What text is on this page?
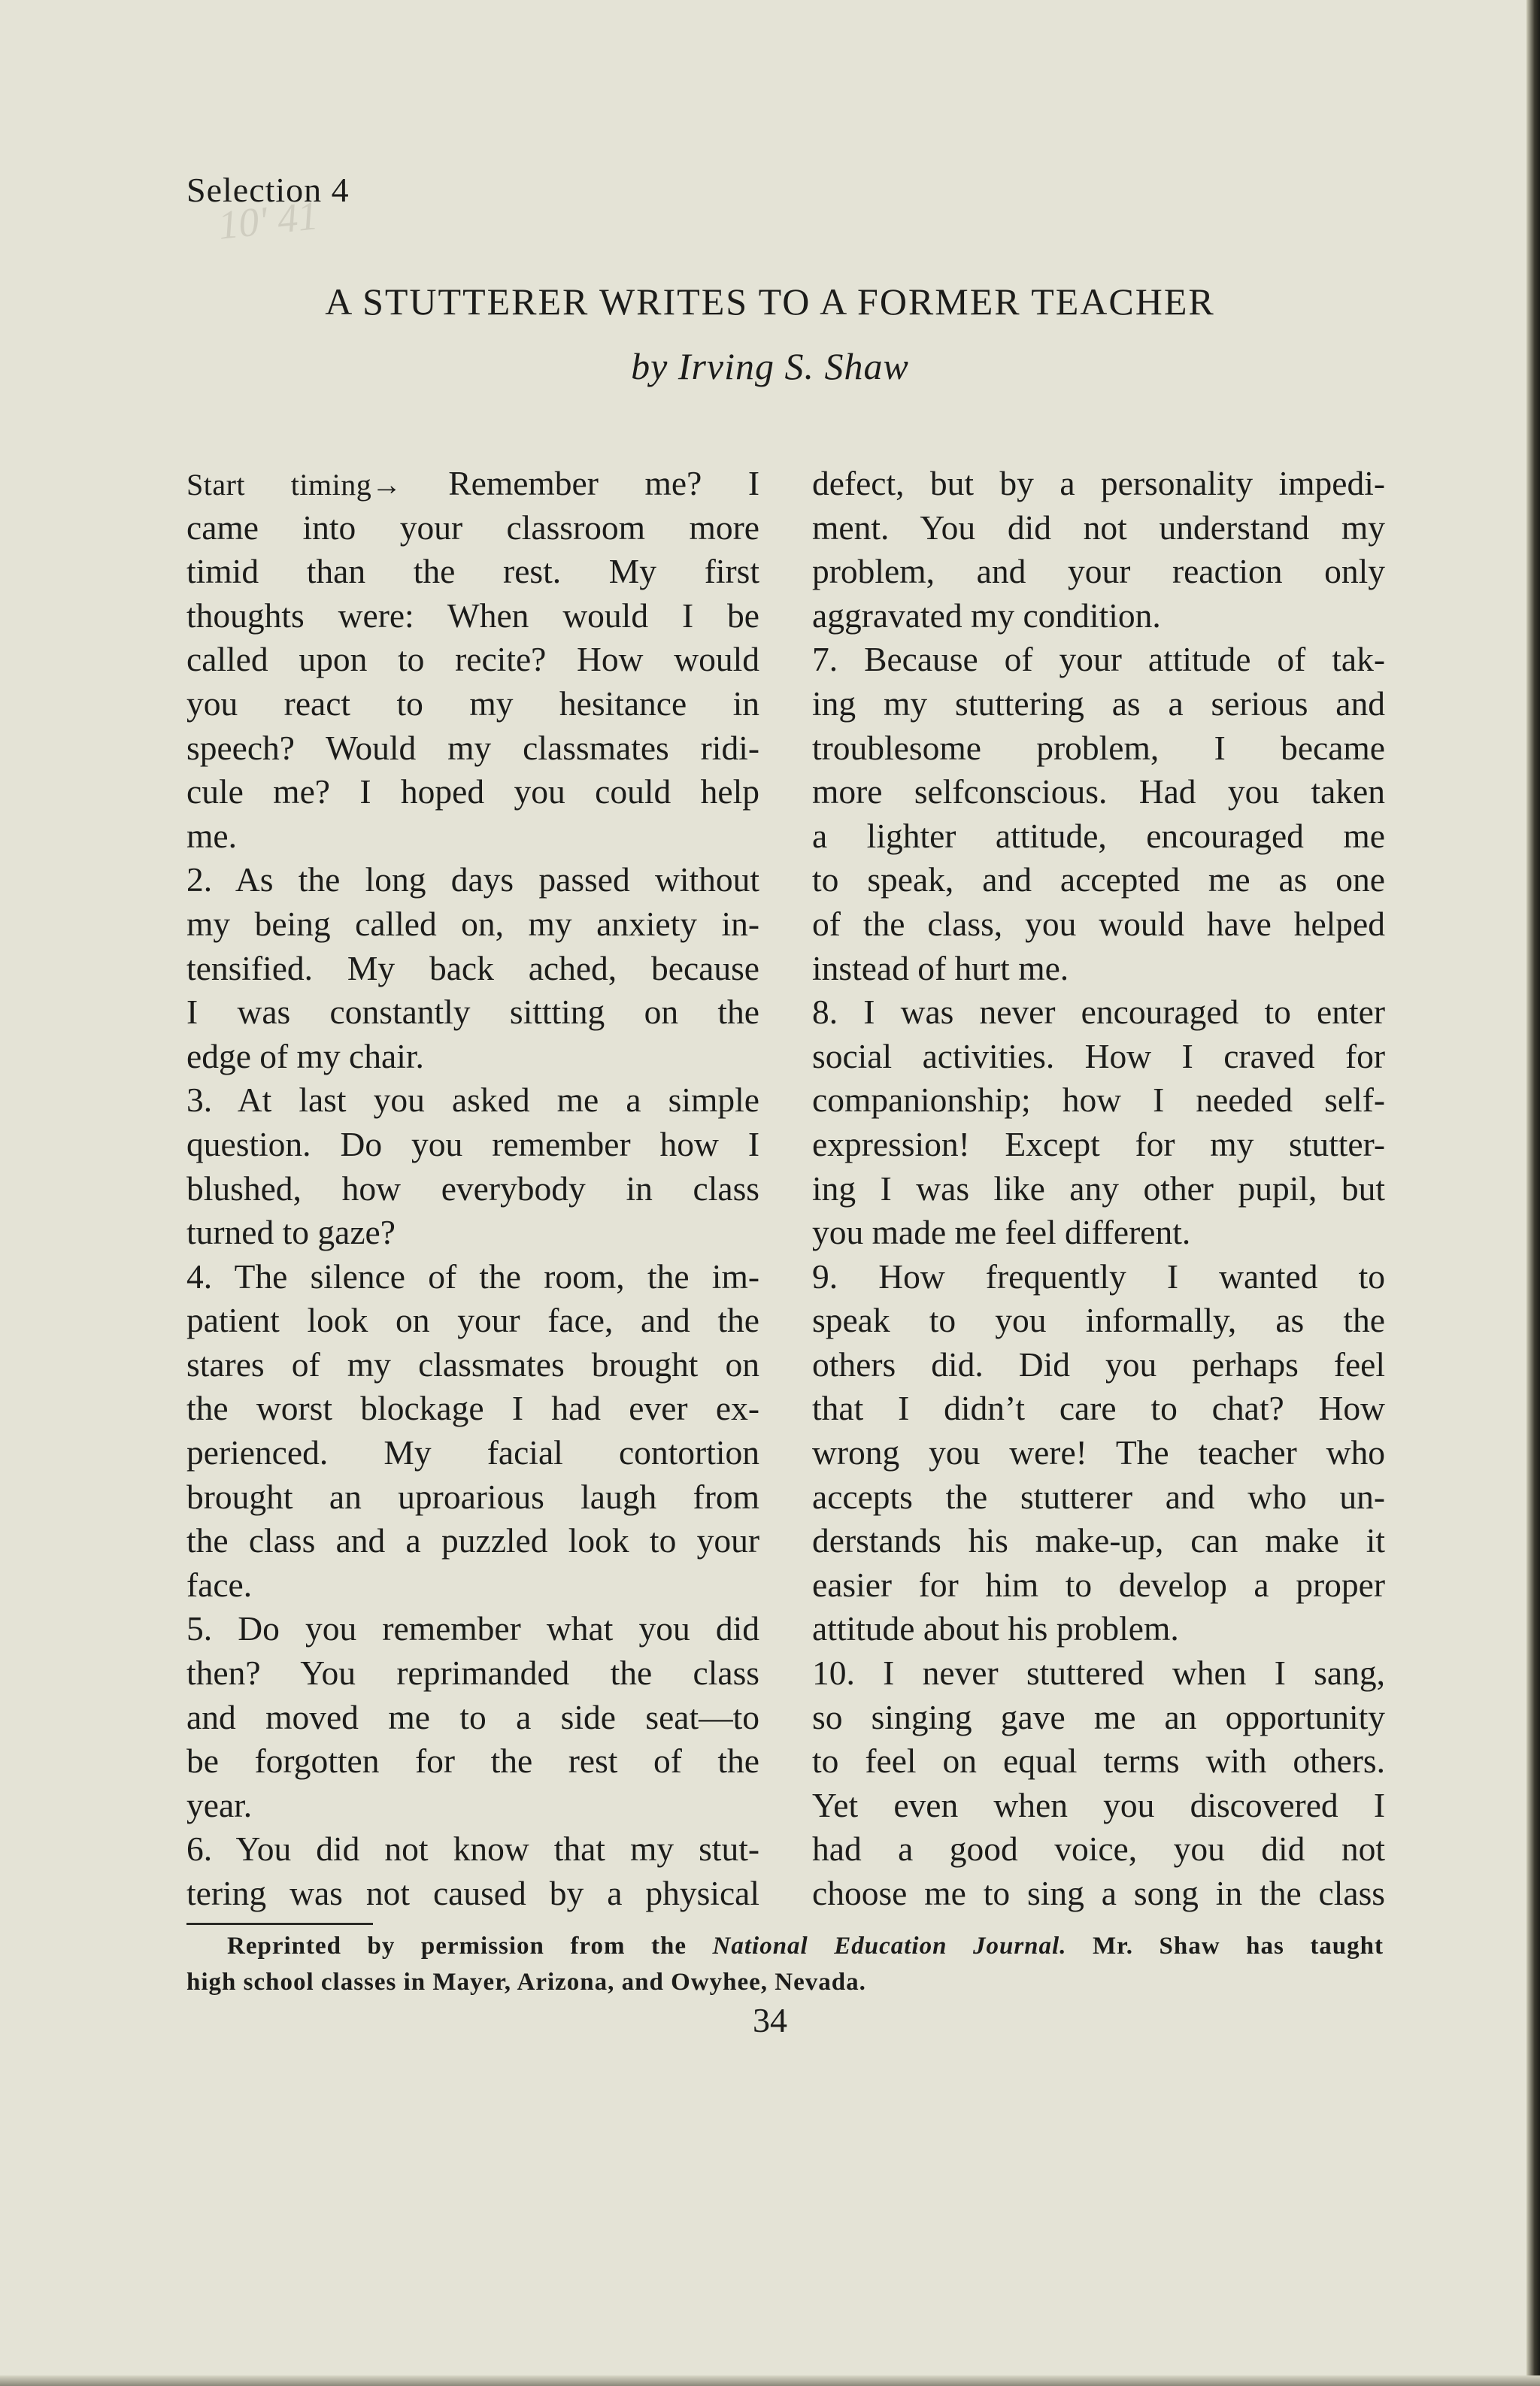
Selection 4
10' 41
A STUTTERER WRITES TO A FORMER TEACHER
by Irving S. Shaw
Start timing→ Remember me? I
came into your classroom more
timid than the rest. My first
thoughts were: When would I be
called upon to recite? How would
you react to my hesitance in
speech? Would my classmates ridi-
cule me? I hoped you could help
me.
2. As the long days passed without
my being called on, my anxiety in-
tensified. My back ached, because
I was constantly sittting on the
edge of my chair.
3. At last you asked me a simple
question. Do you remember how I
blushed, how everybody in class
turned to gaze?
4. The silence of the room, the im-
patient look on your face, and the
stares of my classmates brought on
the worst blockage I had ever ex-
perienced. My facial contortion
brought an uproarious laugh from
the class and a puzzled look to your
face.
5. Do you remember what you did
then? You reprimanded the class
and moved me to a side seat—to
be forgotten for the rest of the
year.
6. You did not know that my stut-
tering was not caused by a physical
defect, but by a personality impedi-
ment. You did not understand my
problem, and your reaction only
aggravated my condition.
7. Because of your attitude of tak-
ing my stuttering as a serious and
troublesome problem, I became
more selfconscious. Had you taken
a lighter attitude, encouraged me
to speak, and accepted me as one
of the class, you would have helped
instead of hurt me.
8. I was never encouraged to enter
social activities. How I craved for
companionship; how I needed self-
expression! Except for my stutter-
ing I was like any other pupil, but
you made me feel different.
9. How frequently I wanted to
speak to you informally, as the
others did. Did you perhaps feel
that I didn’t care to chat? How
wrong you were! The teacher who
accepts the stutterer and who un-
derstands his make-up, can make it
easier for him to develop a proper
attitude about his problem.
10. I never stuttered when I sang,
so singing gave me an opportunity
to feel on equal terms with others.
Yet even when you discovered I
had a good voice, you did not
choose me to sing a song in the class
Reprinted by permission from the National Education Journal. Mr. Shaw has taught
high school classes in Mayer, Arizona, and Owyhee, Nevada.
34
